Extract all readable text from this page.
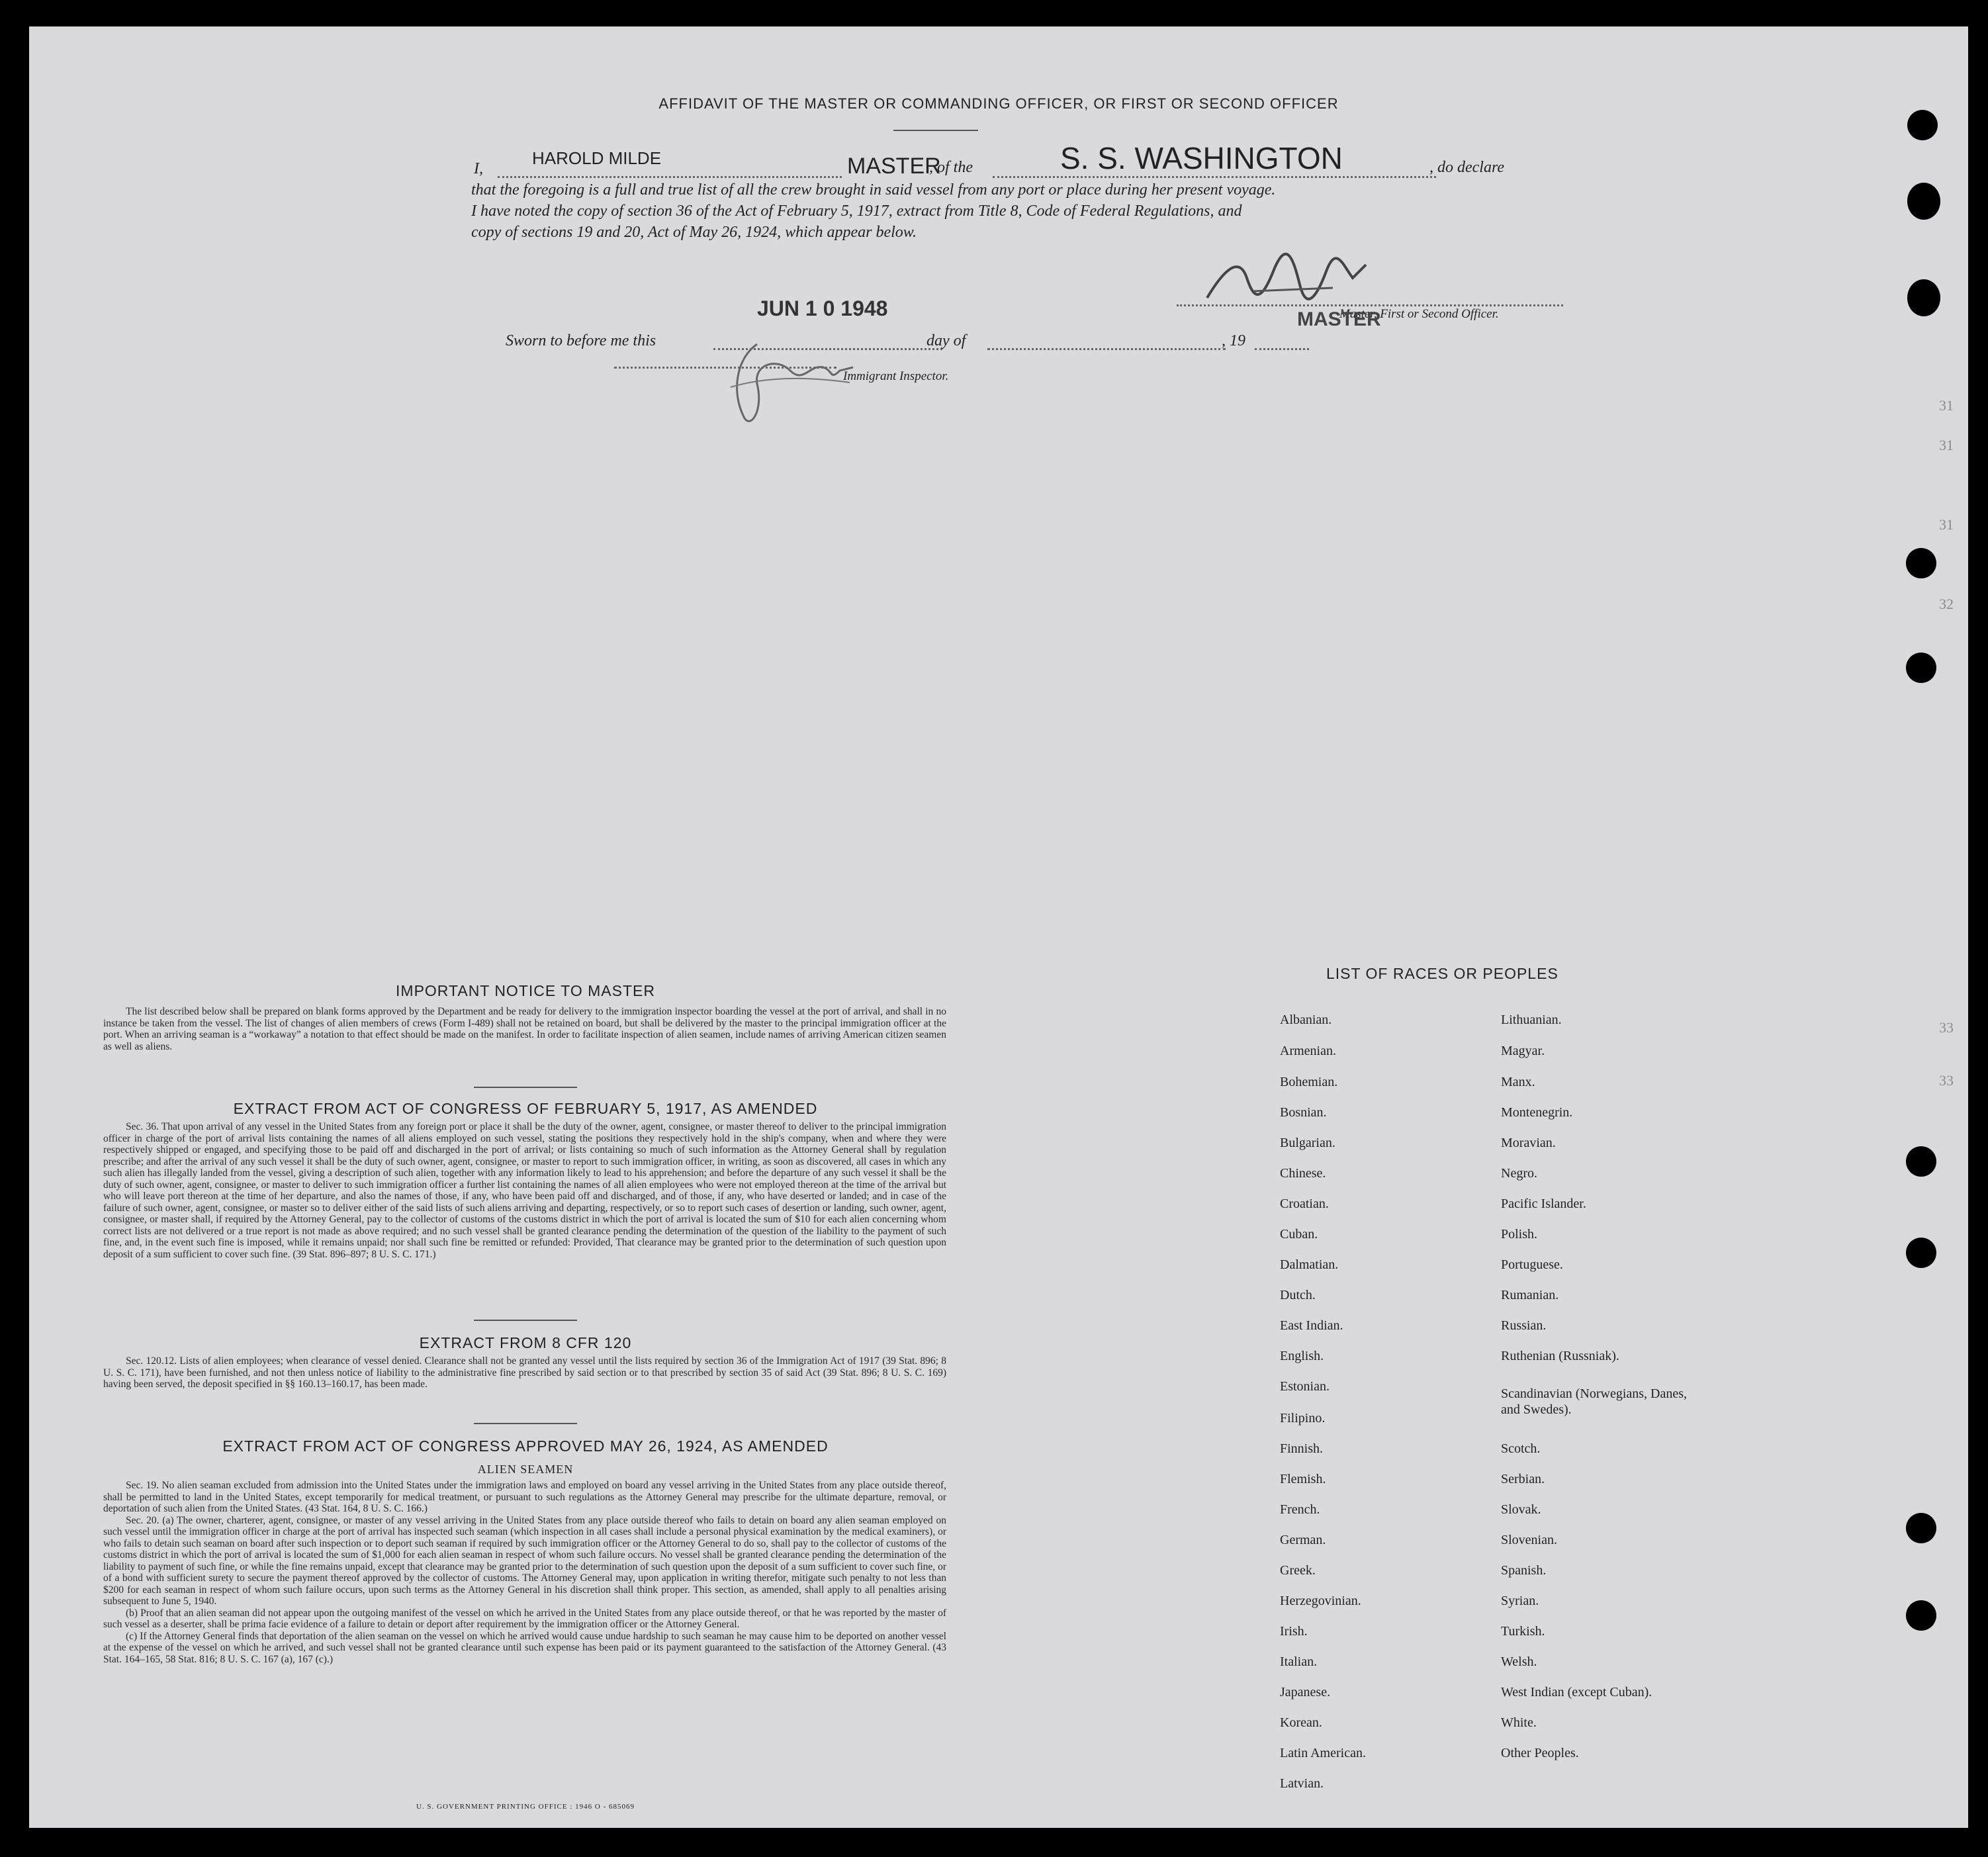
AFFIDAVIT OF THE MASTER OR COMMANDING OFFICER, OR FIRST OR SECOND OFFICER
I,
HAROLD MILDE	MASTER
, of the	S. S. WASHINGTON	, do declare
that the foregoing is a full and true list of all the crew brought in said vessel from any port or place during her present voyage.
I have noted the copy of section 36 of the Act of February 5, 1917, extract from Title 8, Code of Federal Regulations, and
copy of sections 19 and 20, Act of May 26, 1924, which appear below.
Master, First or Second Officer.
MASTER
Sworn to before me this
JUN 1 0 1948
day of	, 19
Immigrant Inspector.
IMPORTANT NOTICE TO MASTER
The list described below shall be prepared on blank forms approved by the Department and be ready for delivery to the immigration inspector boarding the vessel at the port of arrival, and shall in no instance be taken from the vessel. The list of changes of alien members of crews (Form I-489) shall not be retained on board, but shall be delivered by the master to the principal immigration officer at the port. When an arriving seaman is a “workaway” a notation to that effect should be made on the manifest. In order to facilitate inspection of alien seamen, include names of arriving American citizen seamen as well as aliens.
EXTRACT FROM ACT OF CONGRESS OF FEBRUARY 5, 1917, AS AMENDED
Sec. 36. That upon arrival of any vessel in the United States from any foreign port or place it shall be the duty of the owner, agent, consignee, or master thereof to deliver to the principal immigration officer in charge of the port of arrival lists containing the names of all aliens employed on such vessel, stating the positions they respectively hold in the ship's company, when and where they were respectively shipped or engaged, and specifying those to be paid off and discharged in the port of arrival; or lists containing so much of such information as the Attorney General shall by regulation prescribe; and after the arrival of any such vessel it shall be the duty of such owner, agent, consignee, or master to report to such immigration officer, in writing, as soon as discovered, all cases in which any such alien has illegally landed from the vessel, giving a description of such alien, together with any information likely to lead to his apprehension; and before the departure of any such vessel it shall be the duty of such owner, agent, consignee, or master to deliver to such immigration officer a further list containing the names of all alien employees who were not employed thereon at the time of the arrival but who will leave port thereon at the time of her departure, and also the names of those, if any, who have been paid off and discharged, and of those, if any, who have deserted or landed; and in case of the failure of such owner, agent, consignee, or master so to deliver either of the said lists of such aliens arriving and departing, respectively, or so to report such cases of desertion or landing, such owner, agent, consignee, or master shall, if required by the Attorney General, pay to the collector of customs of the customs district in which the port of arrival is located the sum of $10 for each alien concerning whom correct lists are not delivered or a true report is not made as above required; and no such vessel shall be granted clearance pending the determination of the question of the liability to the payment of such fine, and, in the event such fine is imposed, while it remains unpaid; nor shall such fine be remitted or refunded: Provided, That clearance may be granted prior to the determination of such question upon deposit of a sum sufficient to cover such fine. (39 Stat. 896–897; 8 U. S. C. 171.)
EXTRACT FROM 8 CFR 120
Sec. 120.12. Lists of alien employees; when clearance of vessel denied. Clearance shall not be granted any vessel until the lists required by section 36 of the Immigration Act of 1917 (39 Stat. 896; 8 U. S. C. 171), have been furnished, and not then unless notice of liability to the administrative fine prescribed by said section or to that prescribed by section 35 of said Act (39 Stat. 896; 8 U. S. C. 169) having been served, the deposit specified in §§ 160.13–160.17, has been made.
EXTRACT FROM ACT OF CONGRESS APPROVED MAY 26, 1924, AS AMENDED
ALIEN SEAMEN

Sec. 19. No alien seaman excluded from admission into the United States under the immigration laws and employed on board any vessel arriving in the United States from any place outside thereof, shall be permitted to land in the United States, except temporarily for medical treatment, or pursuant to such regulations as the Attorney General may prescribe for the ultimate departure, removal, or deportation of such alien from the United States. (43 Stat. 164, 8 U. S. C. 166.)

Sec. 20. (a) The owner, charterer, agent, consignee, or master of any vessel arriving in the United States from any place outside thereof who fails to detain on board any alien seaman employed on such vessel until the immigration officer in charge at the port of arrival has inspected such seaman (which inspection in all cases shall include a personal physical examination by the medical examiners), or who fails to detain such seaman on board after such inspection or to deport such seaman if required by such immigration officer or the Attorney General to do so, shall pay to the collector of customs of the customs district in which the port of arrival is located the sum of $1,000 for each alien seaman in respect of whom such failure occurs. No vessel shall be granted clearance pending the determination of the liability to payment of such fine, or while the fine remains unpaid, except that clearance may be granted prior to the determination of such question upon the deposit of a sum sufficient to cover such fine, or of a bond with sufficient surety to secure the payment thereof approved by the collector of customs. The Attorney General may, upon application in writing therefor, mitigate such penalty to not less than $200 for each seaman in respect of whom such failure occurs, upon such terms as the Attorney General in his discretion shall think proper. This section, as amended, shall apply to all penalties arising subsequent to June 5, 1940.

(b) Proof that an alien seaman did not appear upon the outgoing manifest of the vessel on which he arrived in the United States from any place outside thereof, or that he was reported by the master of such vessel as a deserter, shall be prima facie evidence of a failure to detain or deport after requirement by the immigration officer or the Attorney General.

(c) If the Attorney General finds that deportation of the alien seaman on the vessel on which he arrived would cause undue hardship to such seaman he may cause him to be deported on another vessel at the expense of the vessel on which he arrived, and such vessel shall not be granted clearance until such expense has been paid or its payment guaranteed to the satisfaction of the Attorney General. (43 Stat. 164–165, 58 Stat. 816; 8 U. S. C. 167 (a), 167 (c).)

U. S. GOVERNMENT PRINTING OFFICE : 1946 O - 685069
LIST OF RACES OR PEOPLES
Albanian.
Armenian.
Bohemian.
Bosnian.
Bulgarian.
Chinese.
Croatian.
Cuban.
Dalmatian.
Dutch.
East Indian.
English.
Estonian.
Filipino.
Finnish.
Flemish.
French.
German.
Greek.
Herzegovinian.
Irish.
Italian.
Japanese.
Korean.
Latin American.
Latvian.
Lithuanian.
Magyar.
Manx.
Montenegrin.
Moravian.
Negro.
Pacific Islander.
Polish.
Portuguese.
Rumanian.
Russian.
Ruthenian (Russniak).
Scandinavian (Norwegians, Danes, and Swedes).
Scotch.
Serbian.
Slovak.
Slovenian.
Spanish.
Syrian.
Turkish.
Welsh.
West Indian (except Cuban).
White.
Other Peoples.
31
31
31
32
33
33
